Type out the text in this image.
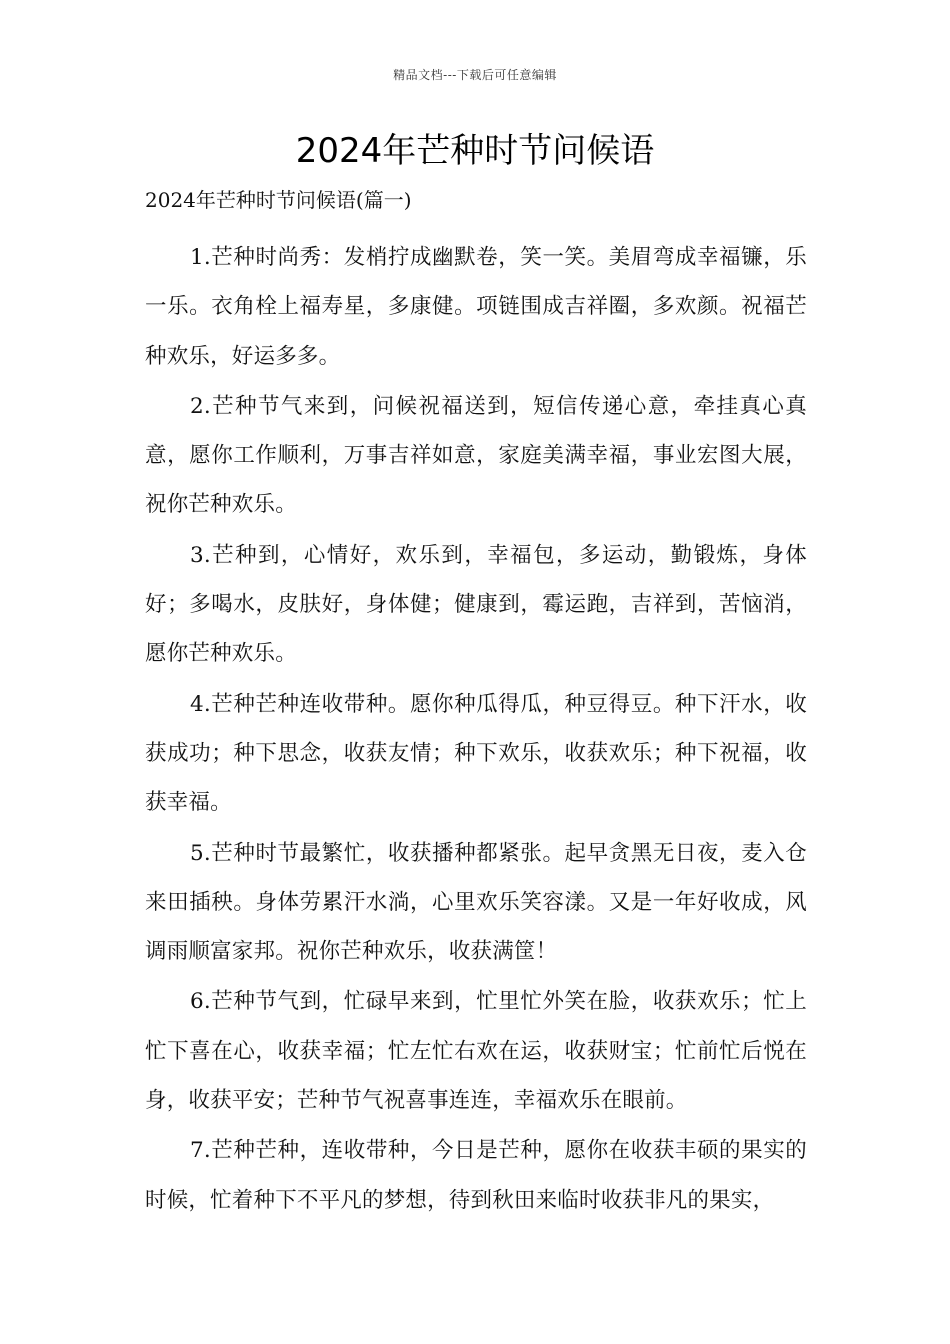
精品文档---下载后可任意编辑
2024年芒种时节问候语
2024年芒种时节问候语(篇一)

1.芒种时尚秀：发梢拧成幽默卷，笑一笑。美眉弯成幸福镰，乐一乐。衣角栓上福寿星，多康健。项链围成吉祥圈，多欢颜。祝福芒种欢乐，好运多多。

2.芒种节气来到，问候祝福送到，短信传递心意，牵挂真心真意，愿你工作顺利，万事吉祥如意，家庭美满幸福，事业宏图大展，祝你芒种欢乐。

3.芒种到，心情好，欢乐到，幸福包，多运动，勤锻炼，身体好；多喝水，皮肤好，身体健；健康到，霉运跑，吉祥到，苦恼消，愿你芒种欢乐。

4.芒种芒种连收带种。愿你种瓜得瓜，种豆得豆。种下汗水，收获成功；种下思念，收获友情；种下欢乐，收获欢乐；种下祝福，收获幸福。

5.芒种时节最繁忙，收获播种都紧张。起早贪黑无日夜，麦入仓来田插秧。身体劳累汗水淌，心里欢乐笑容漾。又是一年好收成，风调雨顺富家邦。祝你芒种欢乐，收获满筐！

6.芒种节气到，忙碌早来到，忙里忙外笑在脸，收获欢乐；忙上忙下喜在心，收获幸福；忙左忙右欢在运，收获财宝；忙前忙后悦在身，收获平安；芒种节气祝喜事连连，幸福欢乐在眼前。

7.芒种芒种，连收带种，今日是芒种，愿你在收获丰硕的果实的时候，忙着种下不平凡的梦想，待到秋田来临时收获非凡的果实，
